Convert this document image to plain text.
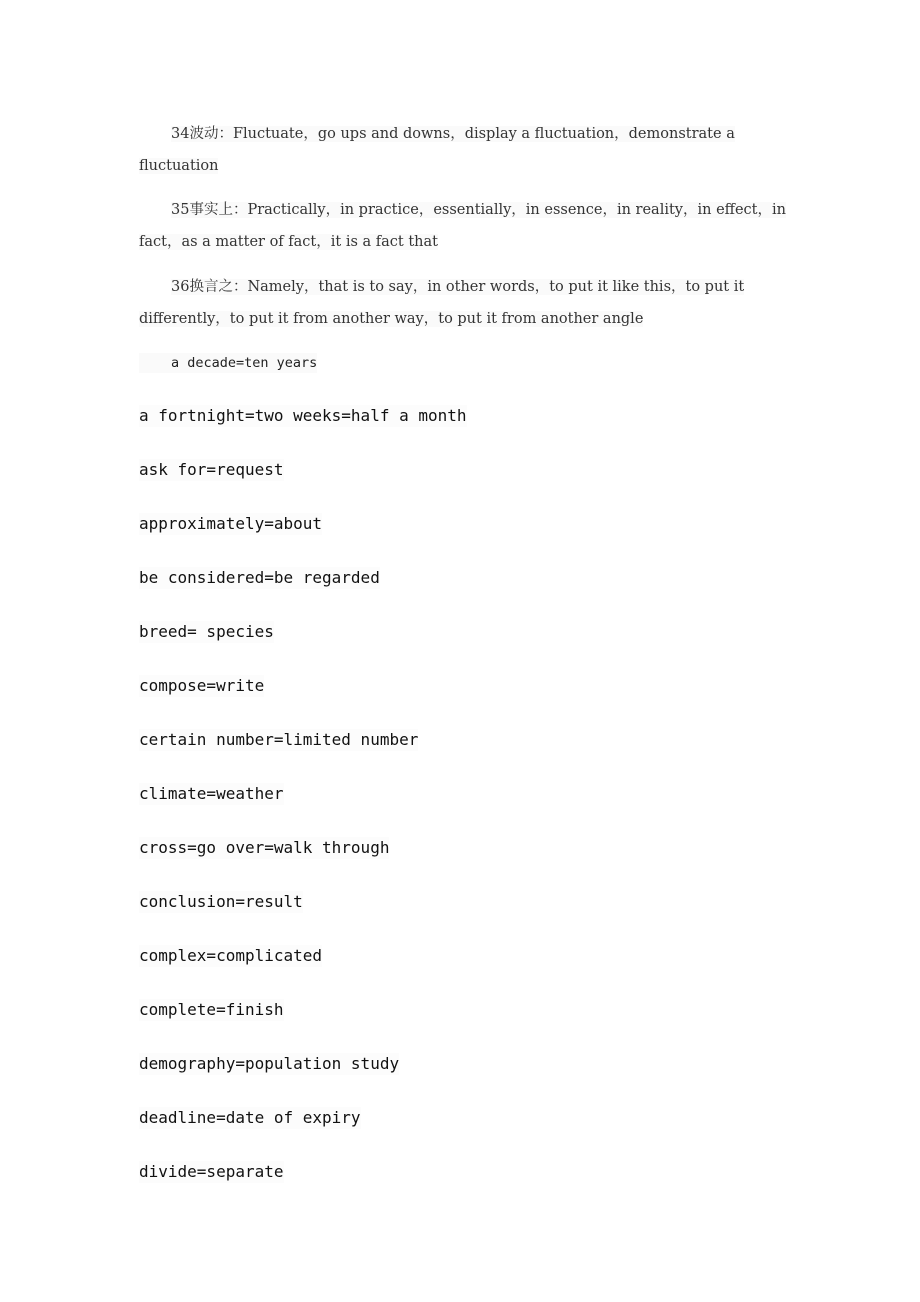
34波动：Fluctuate，go ups and downs，display a fluctuation，demonstrate a fluctuation
35事实上：Practically，in practice，essentially，in essence，in reality，in effect，in fact，as a matter of fact，it is a fact that
36换言之：Namely，that is to say，in other words，to put it like this，to put it differently，to put it from another way，to put it from another angle
a decade=ten years
a fortnight=two weeks=half a month
ask for=request
approximately=about
be considered=be regarded
breed= species
compose=write
certain number=limited number
climate=weather
cross=go over=walk through
conclusion=result
complex=complicated
complete=finish
demography=population study
deadline=date of expiry
divide=separate
